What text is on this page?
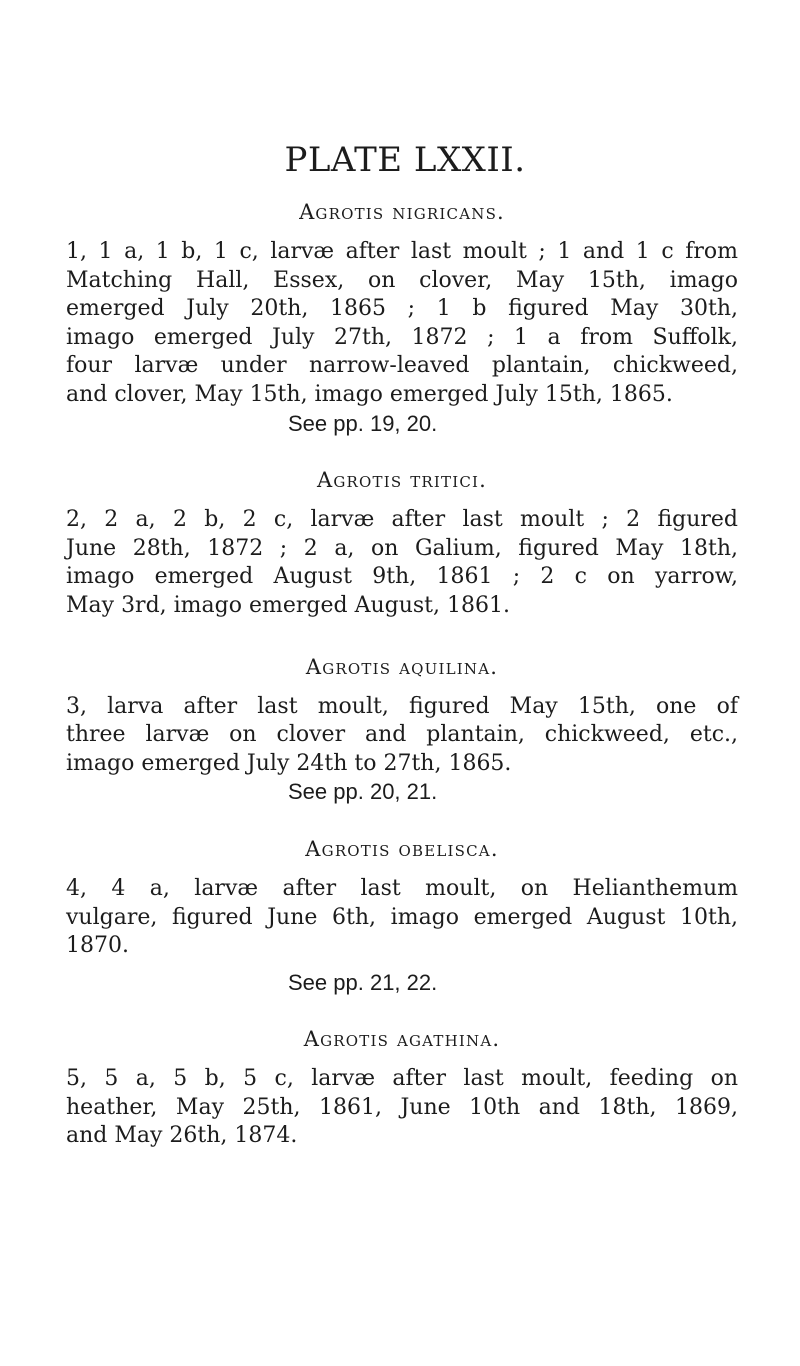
PLATE LXXII.
Agrotis nigricans.
1, 1 a, 1 b, 1 c, larvæ after last moult ; 1 and 1 c from
Matching Hall, Essex, on clover, May 15th, imago
emerged July 20th, 1865 ; 1 b figured May 30th,
imago emerged July 27th, 1872 ; 1 a from Suffolk,
four larvæ under narrow-leaved plantain, chickweed,
and clover, May 15th, imago emerged July 15th, 1865.
See pp. 19, 20.
Agrotis tritici.
2, 2 a, 2 b, 2 c, larvæ after last moult ; 2 figured
June 28th, 1872 ; 2 a, on Galium, figured May 18th,
imago emerged August 9th, 1861 ; 2 c on yarrow,
May 3rd, imago emerged August, 1861.
Agrotis aquilina.
3, larva after last moult, figured May 15th, one of
three larvæ on clover and plantain, chickweed, etc.,
imago emerged July 24th to 27th, 1865.
See pp. 20, 21.
Agrotis obelisca.
4, 4 a, larvæ after last moult, on Helianthemum
vulgare, figured June 6th, imago emerged August 10th,
1870.
See pp. 21, 22.
Agrotis agathina.
5, 5 a, 5 b, 5 c, larvæ after last moult, feeding on
heather, May 25th, 1861, June 10th and 18th, 1869,
and May 26th, 1874.
